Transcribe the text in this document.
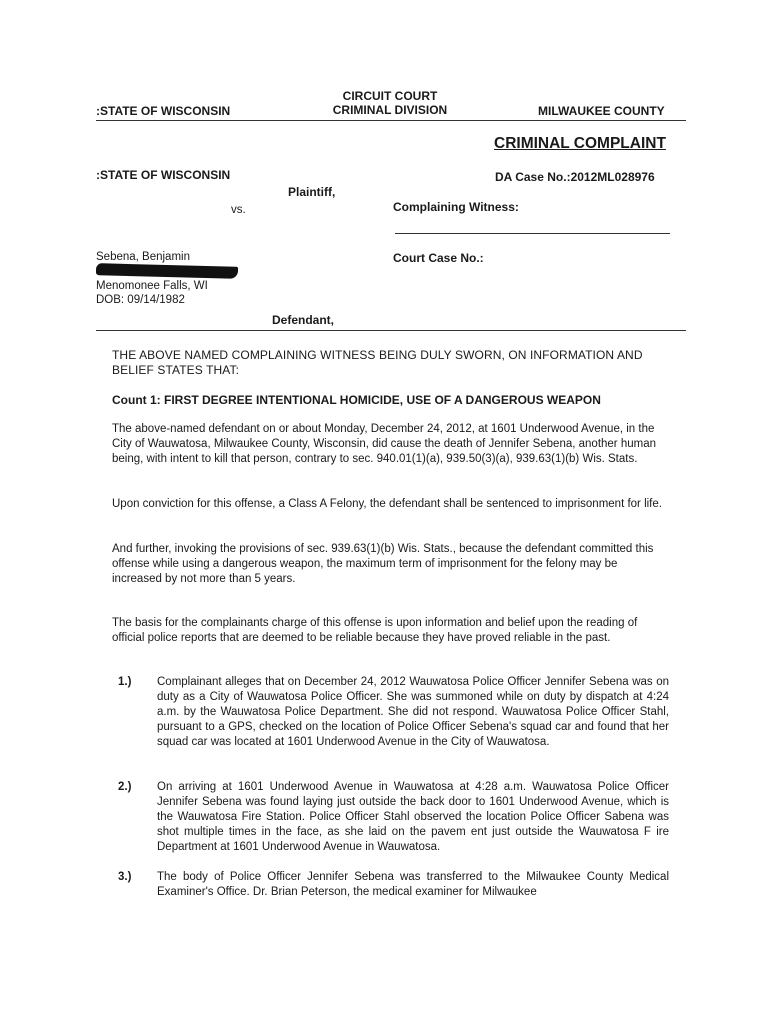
:STATE OF WISCONSIN
CIRCUIT COURT
CRIMINAL DIVISION	MILWAUKEE COUNTY
CRIMINAL COMPLAINT
:STATE OF WISCONSIN
Plaintiff,
vs.
DA Case No.:2012ML028976
Complaining Witness:
Court Case No.:
Sebena, Benjamin
Menomonee Falls, WI
DOB: 09/14/1982
Defendant,

THE ABOVE NAMED COMPLAINING WITNESS BEING DULY SWORN, ON INFORMATION AND BELIEF STATES THAT:

Count 1: FIRST DEGREE INTENTIONAL HOMICIDE, USE OF A DANGEROUS WEAPON

The above-named defendant on or about Monday, December 24, 2012, at 1601 Underwood Avenue, in the City of Wauwatosa, Milwaukee County, Wisconsin, did cause the death of Jennifer Sebena, another human being, with intent to kill that person, contrary to sec. 940.01(1)(a), 939.50(3)(a), 939.63(1)(b) Wis. Stats.

Upon conviction for this offense, a Class A Felony, the defendant shall be sentenced to imprisonment for life.

And further, invoking the provisions of sec. 939.63(1)(b) Wis. Stats., because the defendant committed this offense while using a dangerous weapon, the maximum term of imprisonment for the felony may be increased by not more than 5 years.

The basis for the complainants charge of this offense is upon information and belief upon the reading of official police reports that are deemed to be reliable because they have proved reliable in the past.

1.) Complainant alleges that on December 24, 2012 Wauwatosa Police Officer Jennifer Sebena was on duty as a City of Wauwatosa Police Officer. She was summoned while on duty by dispatch at 4:24 a.m. by the Wauwatosa Police Department. She did not respond. Wauwatosa Police Officer Stahl, pursuant to a GPS, checked on the location of Police Officer Sebena's squad car and found that her squad car was located at 1601 Underwood Avenue in the City of Wauwatosa.
2.) On arriving at 1601 Underwood Avenue in Wauwatosa at 4:28 a.m. Wauwatosa Police Officer Jennifer Sebena was found laying just outside the back door to 1601 Underwood Avenue, which is the Wauwatosa Fire Station. Police Officer Stahl observed the location Police Officer Sabena was shot multiple times in the face, as she laid on the pavem ent just outside the Wauwatosa F ire Department at 1601 Underwood Avenue in Wauwatosa.
3.) The body of Police Officer Jennifer Sebena was transferred to the Milwaukee County Medical Examiner's Office. Dr. Brian Peterson, the medical examiner for Milwaukee
